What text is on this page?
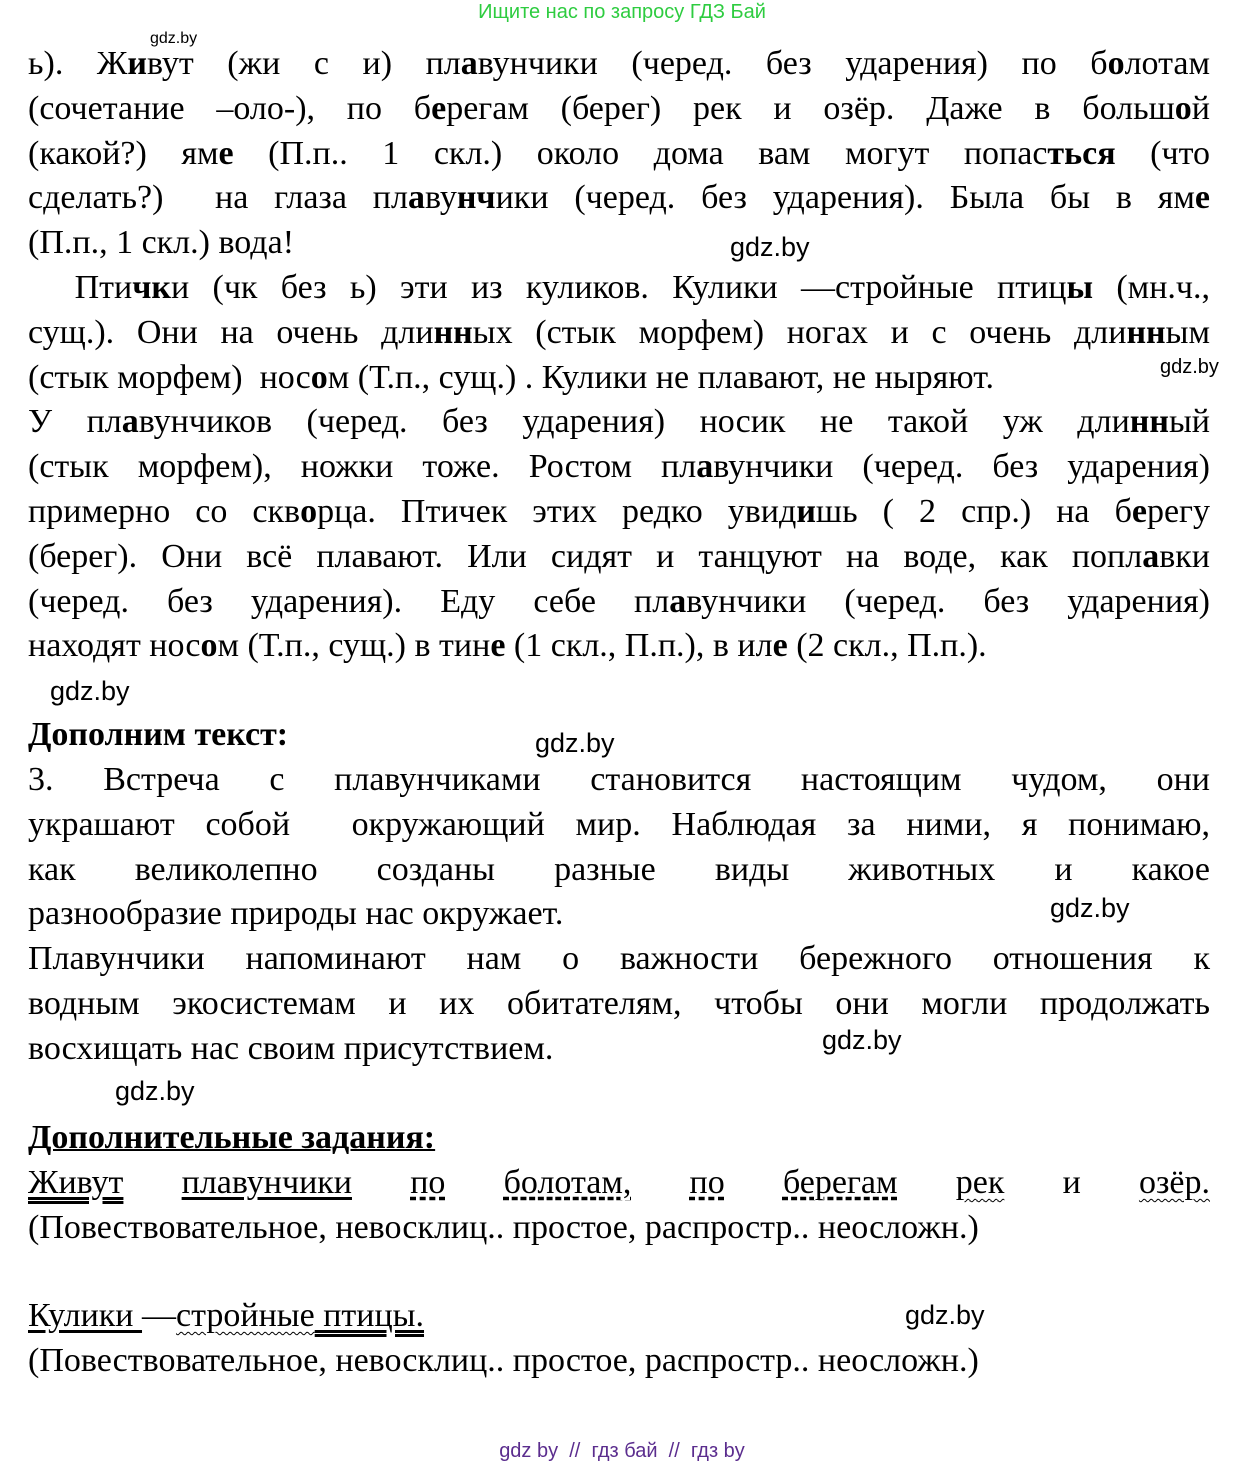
Ищите нас по запросу ГДЗ Бай
ь). Живут (жи с и) плавунчики (черед. без ударения) по болотам
(сочетание –оло-), по берегам (берег) рек и озёр. Даже в большой
(какой?) яме (П.п.. 1 скл.) около дома вам могут попасться (что
сделать?)  на глаза плавунчики (черед. без ударения). Была бы в яме
(П.п., 1 скл.) вода!
Птички (чк без ь) эти из куликов. Кулики —стройные птицы (мн.ч.,
сущ.). Они на очень длинных (стык морфем) ногах и с очень длинным
(стык морфем)  носом (Т.п., сущ.) . Кулики не плавают, не ныряют.
У плавунчиков (черед. без ударения) носик не такой уж длинный
(стык морфем), ножки тоже. Ростом плавунчики (черед. без ударения)
примерно со скворца. Птичек этих редко увидишь ( 2 спр.) на берегу
(берег). Они всё плавают. Или сидят и танцуют на воде, как поплавки
(черед. без ударения). Еду себе плавунчики (черед. без ударения)
находят носом (Т.п., сущ.) в тине (1 скл., П.п.), в иле (2 скл., П.п.).
Дополним текст:
3. Встреча с плавунчиками становится настоящим чудом, они
украшают собой  окружающий мир. Наблюдая за ними, я понимаю,
как великолепно созданы разные виды животных и какое
разнообразие природы нас окружает.
Плавунчики напоминают нам о важности бережного отношения к
водным экосистемам и их обитателям, чтобы они могли продолжать
восхищать нас своим присутствием.
Дополнительные задания:
Живут плавунчики по болотам, по берегам рек и озёр.
(Повествовательное, невосклиц.. простое, распростр.. неосложн.)
Кулики —стройные птицы.
(Повествовательное, невосклиц.. простое, распростр.. неосложн.)
gdz.by
gdz.by
gdz.by
gdz.by
gdz.by
gdz.by
gdz.by
gdz.by
gdz.by
gdz by  //  гдз бай  //  гдз by
